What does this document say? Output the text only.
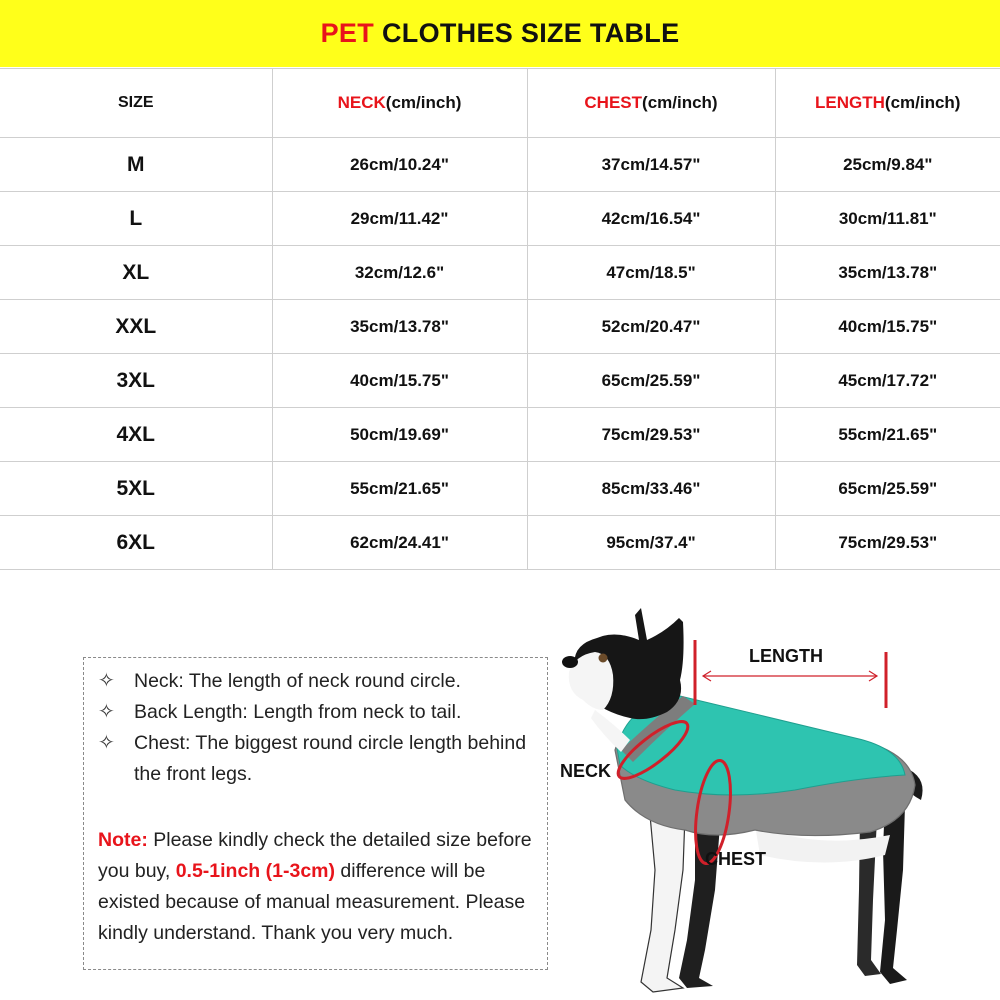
PET CLOTHES SIZE TABLE
SIZE	NECK(cm/inch)	CHEST(cm/inch)	LENGTH(cm/inch)
M	26cm/10.24"	37cm/14.57"	25cm/9.84"
L	29cm/11.42"	42cm/16.54"	30cm/11.81"
XL	32cm/12.6"	47cm/18.5"	35cm/13.78"
XXL	35cm/13.78"	52cm/20.47"	40cm/15.75"
3XL	40cm/15.75"	65cm/25.59"	45cm/17.72"
4XL	50cm/19.69"	75cm/29.53"	55cm/21.65"
5XL	55cm/21.65"	85cm/33.46"	65cm/25.59"
6XL	62cm/24.41"	95cm/37.4"	75cm/29.53"
✧ Neck: The length of neck round circle.
✧ Back Length: Length from neck to tail.
✧ Chest: The biggest round circle length behind the front legs.
Note: Please kindly check the detailed size before you buy, 0.5-1inch (1-3cm) difference will be existed because of manual measurement. Please kindly understand. Thank you very much.
LENGTH
NECK
CHEST
